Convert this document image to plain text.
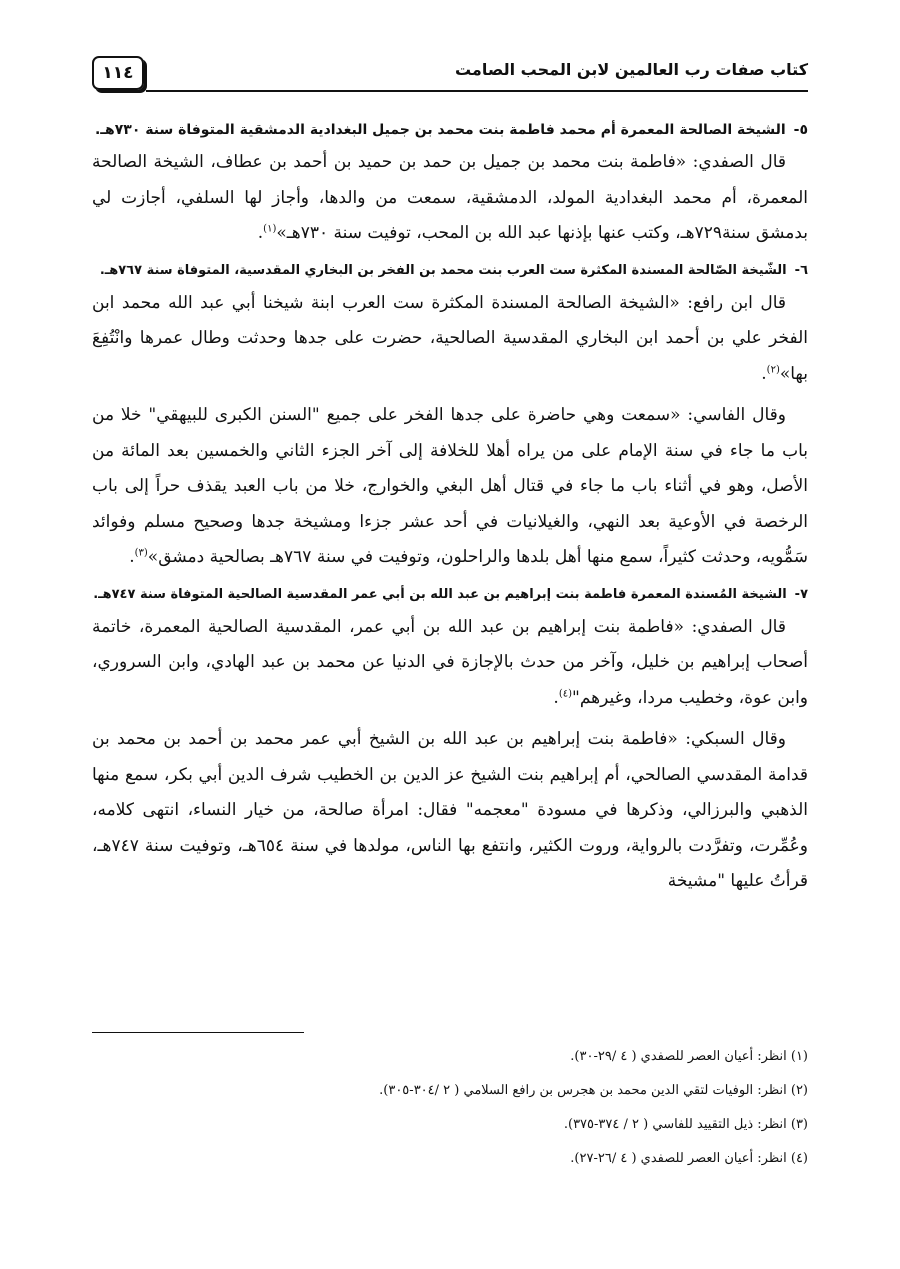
كتاب صفات رب العالمين لابن المحب الصامت
١١٤

٥-الشيخة الصالحة المعمرة أم محمد فاطمة بنت محمد بن جميل البغدادية الدمشقية المتوفاة سنة ٧٣٠هـ.

قال الصفدي: «فاطمة بنت محمد بن جميل بن حمد بن حميد بن أحمد بن عطاف، الشيخة الصالحة المعمرة، أم محمد البغدادية المولد، الدمشقية، سمعت من والدها، وأجاز لها السلفي، أجازت لي بدمشق سنة٧٢٩هـ، وكتب عنها بإذنها عبد الله بن المحب، توفيت سنة ٧٣٠هـ»$^{(١)}$.

٦-الشّيخة الصّالحة المسندة المكثرة ست العرب بنت محمد بن الفخر بن البخاري المقدسية، المتوفاة سنة ٧٦٧هـ.

قال ابن رافع: «الشيخة الصالحة المسندة المكثرة ست العرب ابنة شيخنا أبي عبد الله محمد ابن الفخر علي بن أحمد ابن البخاري المقدسية الصالحية، حضرت على جدها وحدثت وطال عمرها وانْتُفِعَ بها»$^{(٢)}$.

وقال الفاسي: «سمعت وهي حاضرة على جدها الفخر على جميع "السنن الكبرى للبيهقي" خلا من باب ما جاء في سنة الإمام على من يراه أهلا للخلافة إلى آخر الجزء الثاني والخمسين بعد المائة من الأصل، وهو في أثناء باب ما جاء في قتال أهل البغي والخوارج، خلا من باب العبد يقذف حراً إلى باب الرخصة في الأوعية بعد النهي، والغيلانيات في أحد عشر جزءا ومشيخة جدها وصحيح مسلم وفوائد سَمُّويه، وحدثت كثيراً، سمع منها أهل بلدها والراحلون، وتوفيت في سنة ٧٦٧هـ بصالحية دمشق»$^{(٣)}$.

٧-الشيخة المُسندة المعمرة فاطمة بنت إبراهيم بن عبد الله بن أبي عمر المقدسية الصالحية المتوفاة سنة ٧٤٧هـ.

قال الصفدي: «فاطمة بنت إبراهيم بن عبد الله بن أبي عمر، المقدسية الصالحية المعمرة، خاتمة أصحاب إبراهيم بن خليل، وآخر من حدث بالإجازة في الدنيا عن محمد بن عبد الهادي، وابن السروري، وابن عوة، وخطيب مردا، وغيرهم"$^{(٤)}$.

وقال السبكي: «فاطمة بنت إبراهيم بن عبد الله بن الشيخ أبي عمر محمد بن أحمد بن محمد بن قدامة المقدسي الصالحي، أم إبراهيم بنت الشيخ عز الدين بن الخطيب شرف الدين أبي بكر، سمع منها الذهبي والبرزالي، وذكرها في مسودة "معجمه" فقال: امرأة صالحة، من خيار النساء، انتهى كلامه، وعُمِّرت، وتفرَّدت بالرواية، وروت الكثير، وانتفع بها الناس، مولدها في سنة ٦٥٤هـ، وتوفيت سنة ٧٤٧هـ، قرأتُ عليها "مشيخة

(١) انظر: أعيان العصر للصفدي ( ٤ /٢٩-٣٠).

(٢) انظر: الوفيات لتقي الدين محمد بن هجرس بن رافع السلامي ( ٢ /٣٠٤-٣٠٥).

(٣) انظر: ذيل التقييد للفاسي ( ٢ / ٣٧٤-٣٧٥).

(٤) انظر: أعيان العصر للصفدي ( ٤ /٢٦-٢٧).
